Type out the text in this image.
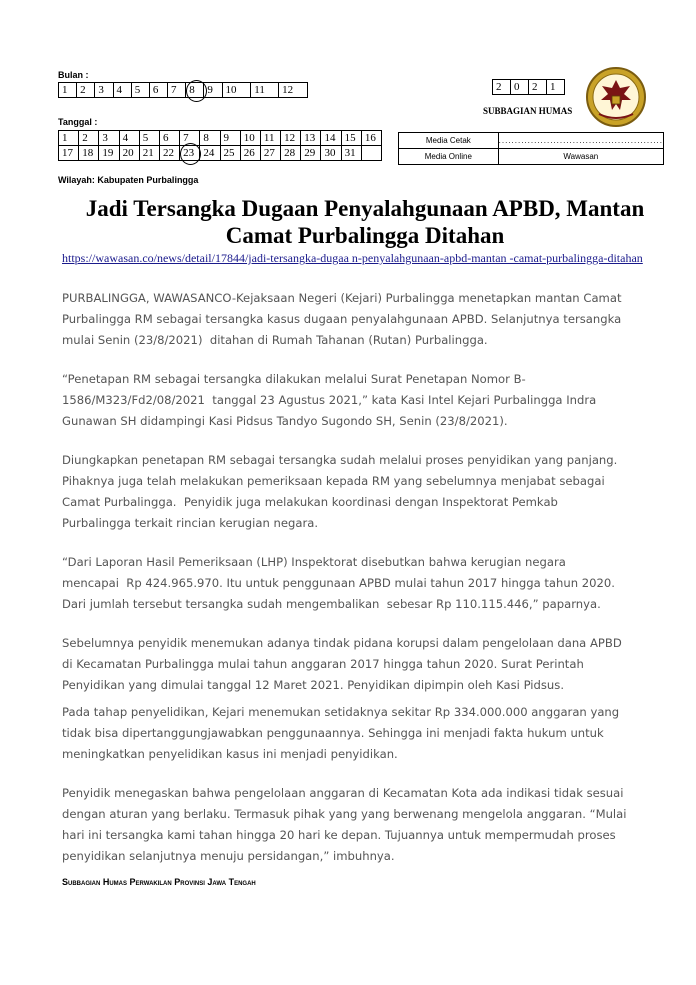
Bulan :
1	2	3	4	5	6	7	8	9	10	11	12	2	0	2	1
SUBBAGIAN HUMAS
Tanggal :
1	2	3	4	5	6	7	8	9	10	11	12	13	14	15	16
17	18	19	20	21	22	23	24	25	26	27	28	29	30	31	
Media Cetak	...................................................
Media Online	Wawasan
Wilayah: Kabupaten Purbalingga
Jadi Tersangka Dugaan Penyalahgunaan APBD, Mantan
Camat Purbalingga Ditahan
https://wawasan.co/news/detail/17844/jadi-tersangka-dugaa n-penyalahgunaan-apbd-mantan -camat-purbalingga-ditahan
PURBALINGGA, WAWASANCO-Kejaksaan Negeri (Kejari) Purbalingga menetapkan mantan Camat
Purbalingga RM sebagai tersangka kasus dugaan penyalahgunaan APBD. Selanjutnya tersangka
mulai Senin (23/8/2021)  ditahan di Rumah Tahanan (Rutan) Purbalingga.
“Penetapan RM sebagai tersangka dilakukan melalui Surat Penetapan Nomor B-
1586/M323/Fd2/08/2021  tanggal 23 Agustus 2021,” kata Kasi Intel Kejari Purbalingga Indra
Gunawan SH didampingi Kasi Pidsus Tandyo Sugondo SH, Senin (23/8/2021).
Diungkapkan penetapan RM sebagai tersangka sudah melalui proses penyidikan yang panjang.
Pihaknya juga telah melakukan pemeriksaan kepada RM yang sebelumnya menjabat sebagai
Camat Purbalingga.  Penyidik juga melakukan koordinasi dengan Inspektorat Pemkab
Purbalingga terkait rincian kerugian negara.
“Dari Laporan Hasil Pemeriksaan (LHP) Inspektorat disebutkan bahwa kerugian negara
mencapai  Rp 424.965.970. Itu untuk penggunaan APBD mulai tahun 2017 hingga tahun 2020.
Dari jumlah tersebut tersangka sudah mengembalikan  sebesar Rp 110.115.446,” paparnya.
Sebelumnya penyidik menemukan adanya tindak pidana korupsi dalam pengelolaan dana APBD
di Kecamatan Purbalingga mulai tahun anggaran 2017 hingga tahun 2020. Surat Perintah
Penyidikan yang dimulai tanggal 12 Maret 2021. Penyidikan dipimpin oleh Kasi Pidsus.
Pada tahap penyelidikan, Kejari menemukan setidaknya sekitar Rp 334.000.000 anggaran yang
tidak bisa dipertanggungjawabkan penggunaannya. Sehingga ini menjadi fakta hukum untuk
meningkatkan penyelidikan kasus ini menjadi penyidikan.
Penyidik menegaskan bahwa pengelolaan anggaran di Kecamatan Kota ada indikasi tidak sesuai
dengan aturan yang berlaku. Termasuk pihak yang yang berwenang mengelola anggaran. “Mulai
hari ini tersangka kami tahan hingga 20 hari ke depan. Tujuannya untuk mempermudah proses
penyidikan selanjutnya menuju persidangan,” imbuhnya.
Subbagian Humas Perwakilan Provinsi Jawa Tengah
